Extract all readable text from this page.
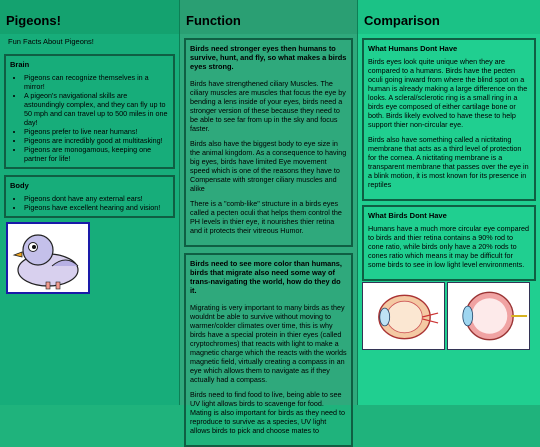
Pigeons!
Fun Facts About Pigeons!
Brain
• Pigeons can recognize themselves in a mirror!
• A pigeon's navigational skills are astoundingly complex, and they can fly up to 50 mph and can travel up to 500 miles in one day!
• Pigeons prefer to live near humans!
• Pigeons are incredibly good at multitasking!
• Pigeons are monogamous, keeping one partner for life!
Body
• Pigeons dont have any external ears!
• Pigeons have excellent hearing and vision!
Function
Birds need stronger eyes then humans to survive, hunt, and fly, so what makes a birds eyes strong.

Birds have strengthened ciliary Muscles. The ciliary muscles are muscles that focus the eye by bending a lens inside of your eyes, birds need a stronger version of these because they need to be able to see far from up in the sky and focus faster.

Birds also have the biggest body to eye size in the animal kingdom. As a consequence to having big eyes, birds have limited Eye movement speed which is one of the reasons they have to Compensate with stronger ciliary muscles and alike

There is a "comb-like" structure in a birds eyes called a pecten oculi that helps them control the PH levels in thier eye, it nourishes thier retina and it protects their vitreous Humor.

Birds need to see more color than humans, birds that migrate also need some way of trans-navigating the world, how do they do it.

Migrating is very important to many birds as they wouldnt be able to survive without moving to warmer/colder climates over time, this is why birds have a special protein in thier eyes (called cryptochromes) that reacts with light to make a magnetic charge which the reacts with the worlds magnetic field, virtually creating a compass in an eye which allows them to navigate as if they actually had a compass.

Birds need to find food to live, being able to see UV light allows birds to scavenge for food. Mating is also important for birds as they need to reproduce to survive as a species, UV light allows birds to pick and choose mates to

Comparison
What Humans Dont Have

Birds eyes look quite unique when they are compared to a humans. Birds have the pecten oculi going inward from where the blind spot on a human is already making a large difference on the looks. A scleral/sclerotic ring is a small ring in a birds eye composed of either cartilage bone or both. Birds likely evolved to have these to help support thier non-circular eye.

Birds also have something called a nictitating membrane that acts as a third level of protection for the cornea. A nictitating membrane is a transparent membrane that passes over the eye in a blink motion, it is most known for its presence in reptiles

What Birds Dont Have

Humans have a much more circular eye compared to birds and thier retina contains a 90% rod to cone ratio, while birds only have a 20% rods to cones ratio which means it may be difficult for some birds to see in low light level environments.
